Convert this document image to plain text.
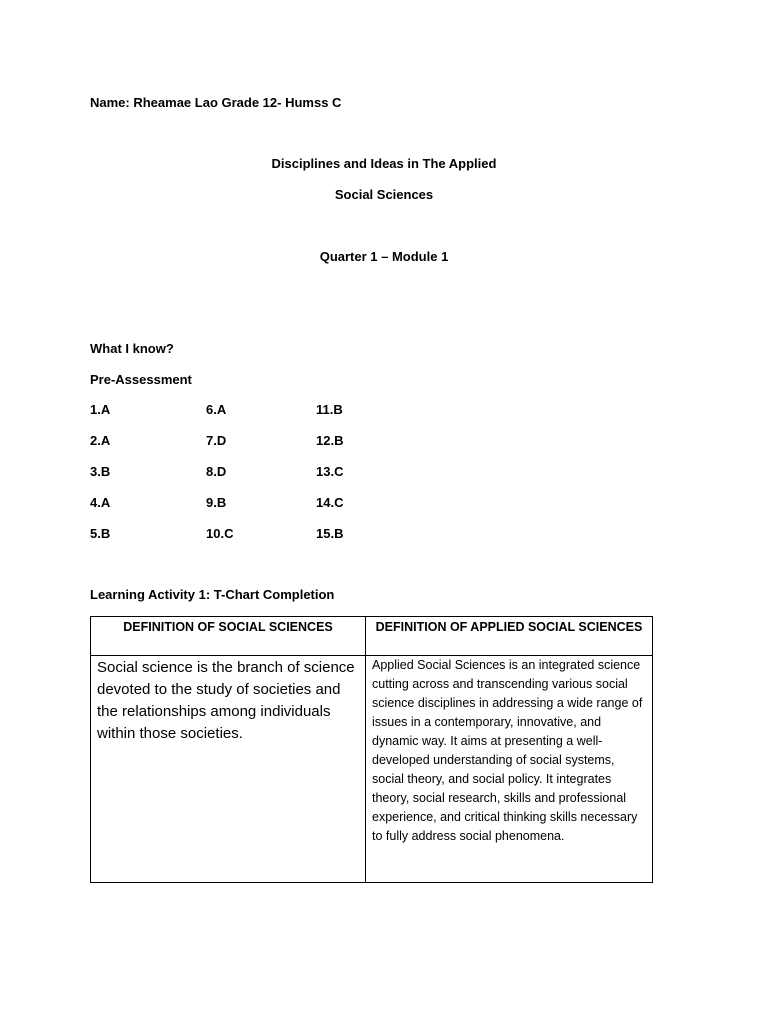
Name: Rheamae Lao Grade 12- Humss C
Disciplines and Ideas in The Applied
Social Sciences
Quarter 1 – Module 1
What I know?
Pre-Assessment
1.A	6.A	11.B
2.A	7.D	12.B
3.B	8.D	13.C
4.A	9.B	14.C
5.B	10.C	15.B
Learning Activity 1: T-Chart Completion
DEFINITION OF SOCIAL SCIENCES	DEFINITION OF APPLIED SOCIAL SCIENCES
Social science is the branch of science devoted to the study of societies and the relationships among individuals within those societies.	Applied Social Sciences is an integrated science cutting across and transcending various social science disciplines in addressing a wide range of issues in a contemporary, innovative, and dynamic way. It aims at presenting a well-developed understanding of social systems, social theory, and social policy. It integrates theory, social research, skills and professional experience, and critical thinking skills necessary to fully address social phenomena.
